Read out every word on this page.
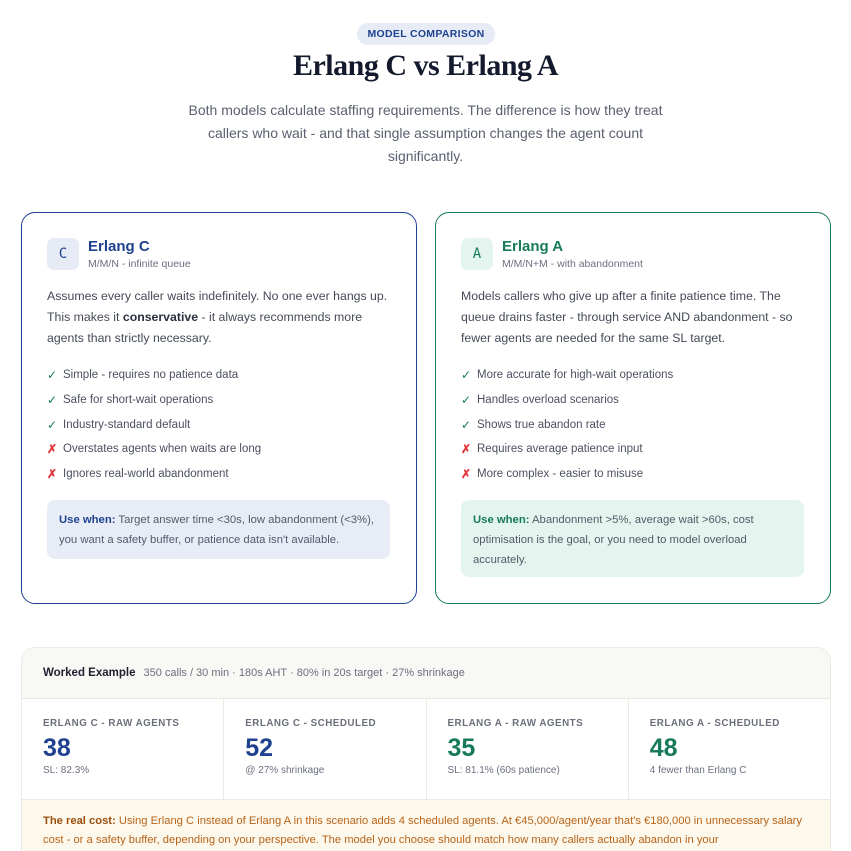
MODEL COMPARISON
Erlang C vs Erlang A

Both models calculate staffing requirements. The difference is how they treat callers who wait - and that single assumption changes the agent count significantly.

C	Erlang C
M/M/N - infinite queue

Assumes every caller waits indefinitely. No one ever hangs up. This makes it conservative - it always recommends more agents than strictly necessary.

✓ Simple - requires no patience data
✓ Safe for short-wait operations
✓ Industry-standard default
✗ Overstates agents when waits are long
✗ Ignores real-world abandonment
Use when: Target answer time <30s, low abandonment (<3%), you want a safety buffer, or patience data isn't available.
A	Erlang A
M/M/N+M - with abandonment

Models callers who give up after a finite patience time. The queue drains faster - through service AND abandonment - so fewer agents are needed for the same SL target.

✓ More accurate for high-wait operations
✓ Handles overload scenarios
✓ Shows true abandon rate
✗ Requires average patience input
✗ More complex - easier to misuse
Use when: Abandonment >5%, average wait >60s, cost optimisation is the goal, or you need to model overload accurately.
Worked Example 350 calls / 30 min · 180s AHT · 80% in 20s target · 27% shrinkage
ERLANG C - RAW AGENTS
38
SL: 82.3%
ERLANG C - SCHEDULED
52
@ 27% shrinkage
ERLANG A - RAW AGENTS
35
SL: 81.1% (60s patience)
ERLANG A - SCHEDULED
48
4 fewer than Erlang C
The real cost: Using Erlang C instead of Erlang A in this scenario adds 4 scheduled agents. At €45,000/agent/year that's €180,000 in unnecessary salary cost - or a safety buffer, depending on your perspective. The model you choose should match how many callers actually abandon in your
